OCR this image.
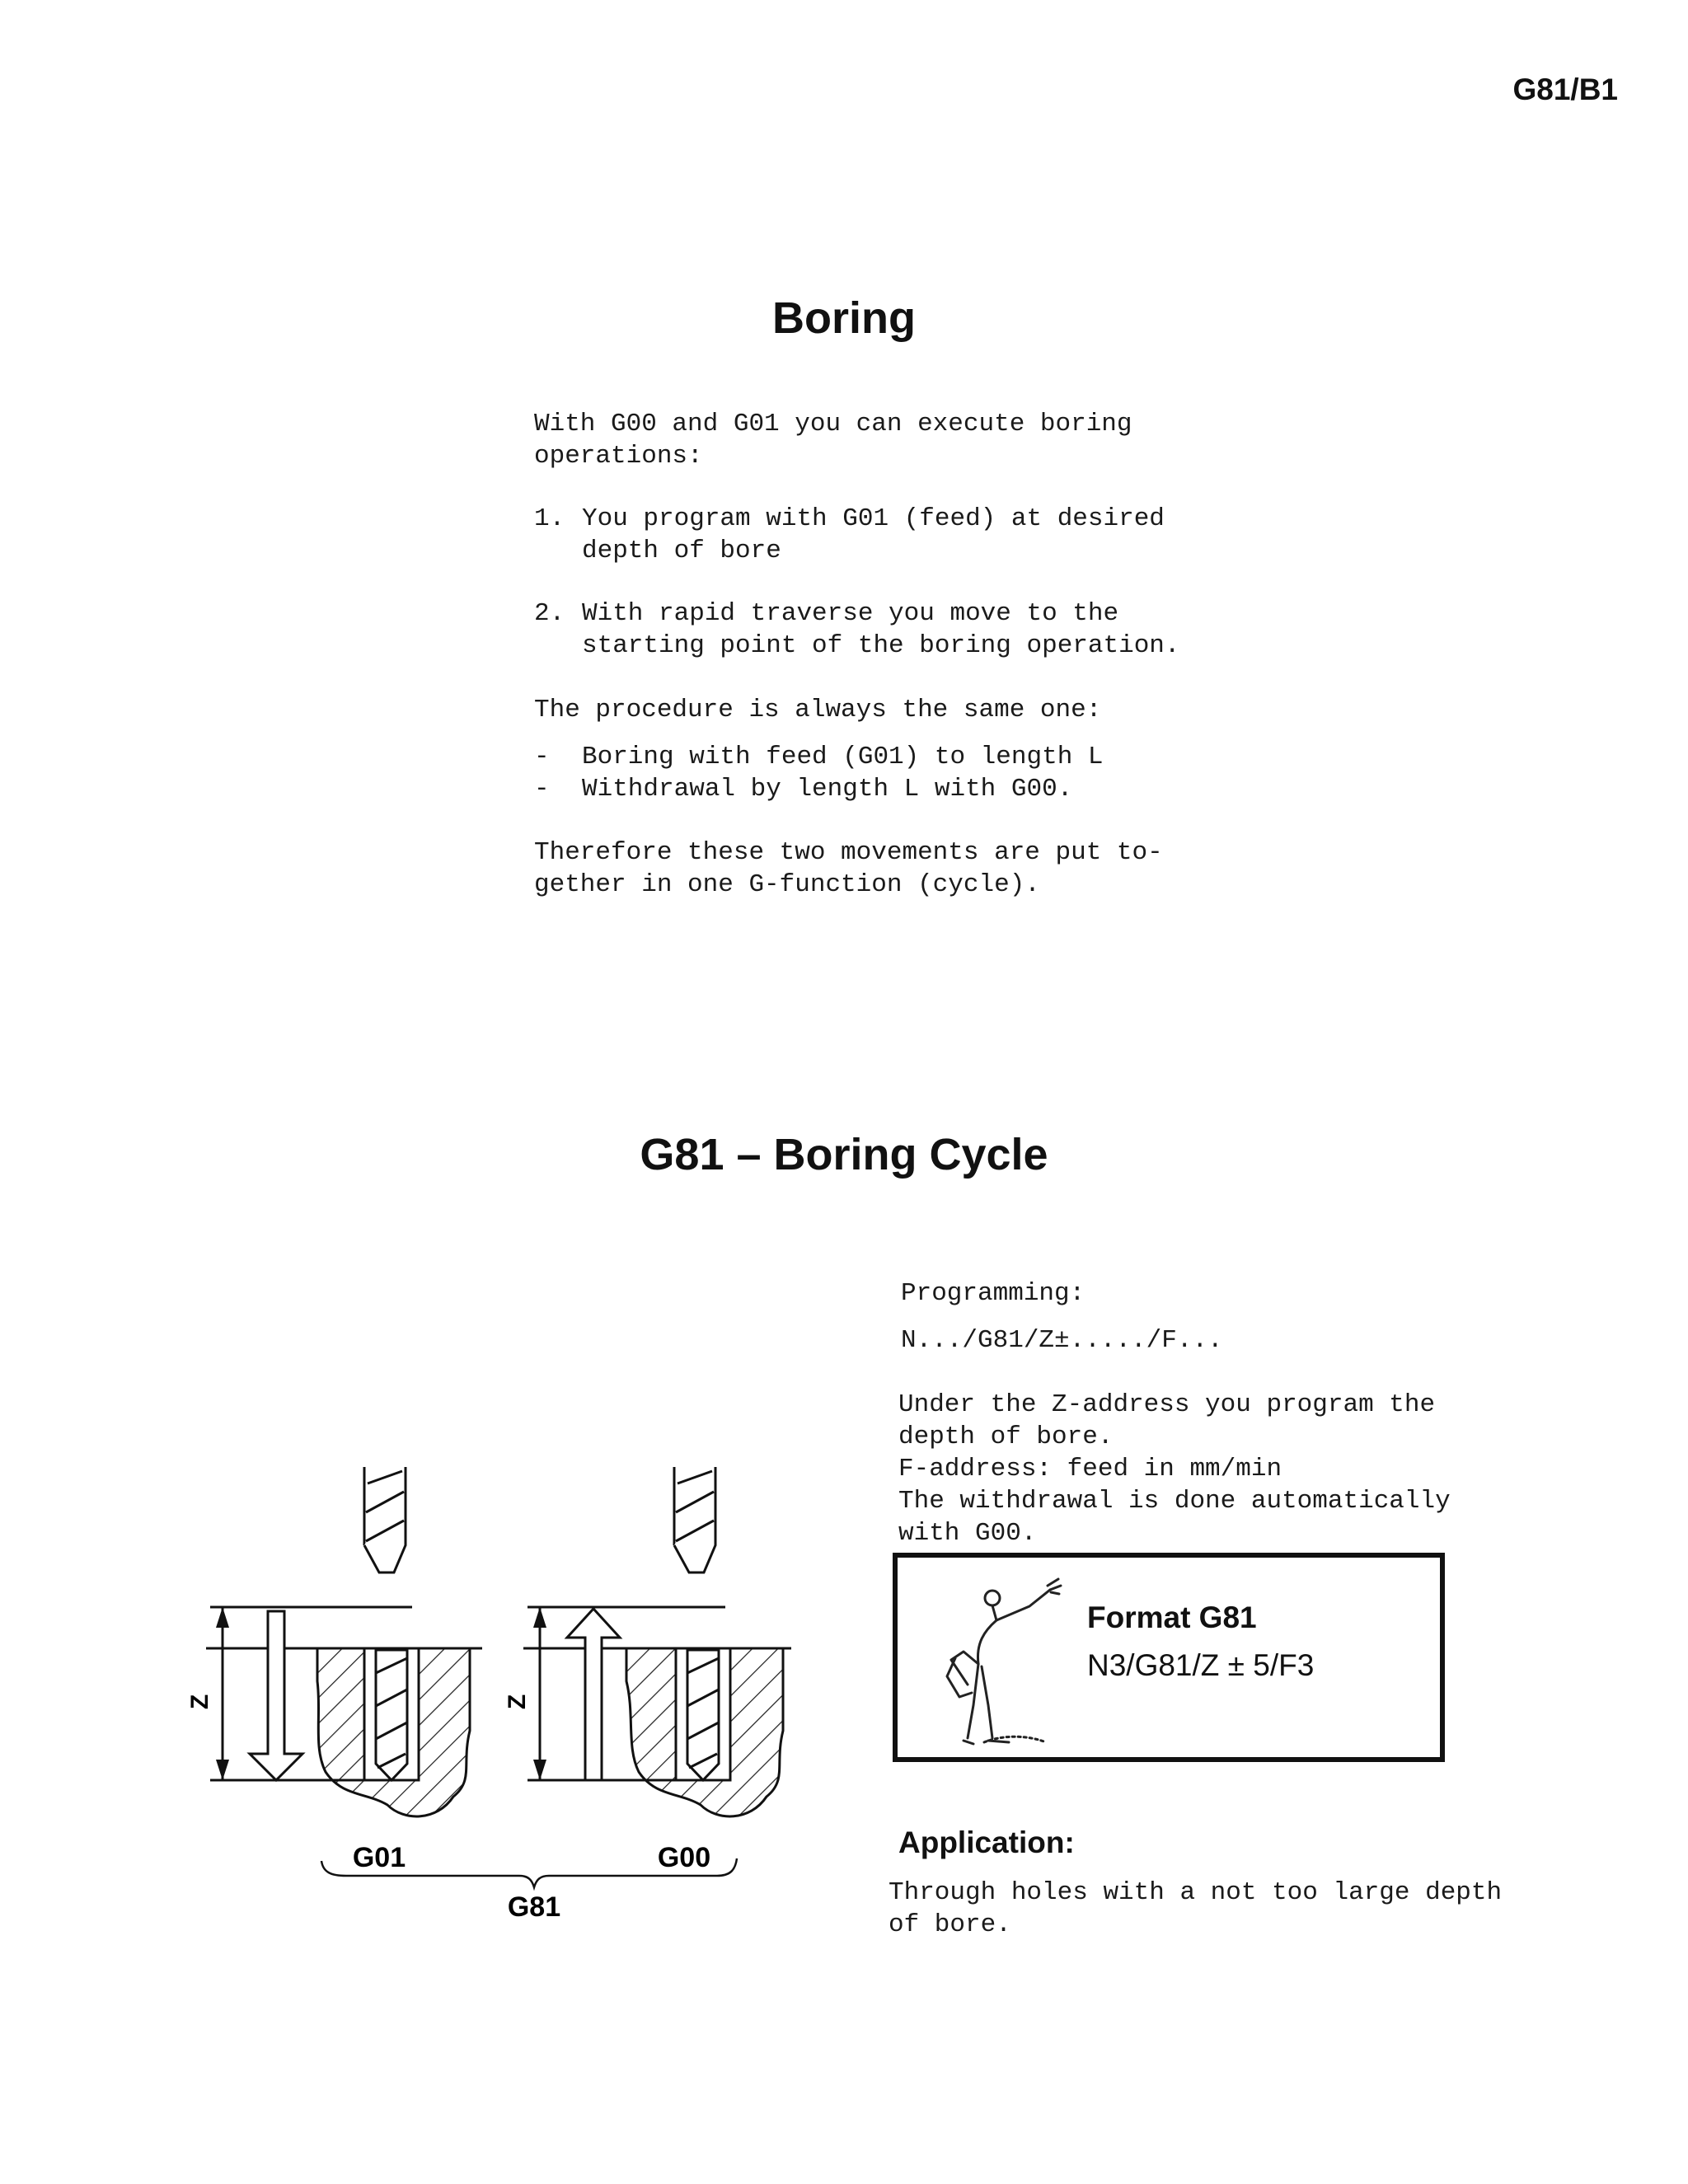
G81/B1
Boring
With G00 and G01 you can execute boring
operations:
1. You program with G01 (feed) at desired
depth of bore
2. With rapid traverse you move to the
starting point of the boring operation.
The procedure is always the same one:
-	Boring with feed (G01) to length L
-	Withdrawal by length L with G00.
Therefore these two movements are put to-
gether in one G-function (cycle).
G81 – Boring Cycle
Programming:
N.../G81/Z±...../F...
Under the Z-address you program the
depth of bore.
F-address: feed in mm/min
The withdrawal is done automatically
with G00.
Format G81
N3/G81/Z ± 5/F3
Application:
Through holes with a not too large depth
of bore.
Z	Z
G01	G00
G81
